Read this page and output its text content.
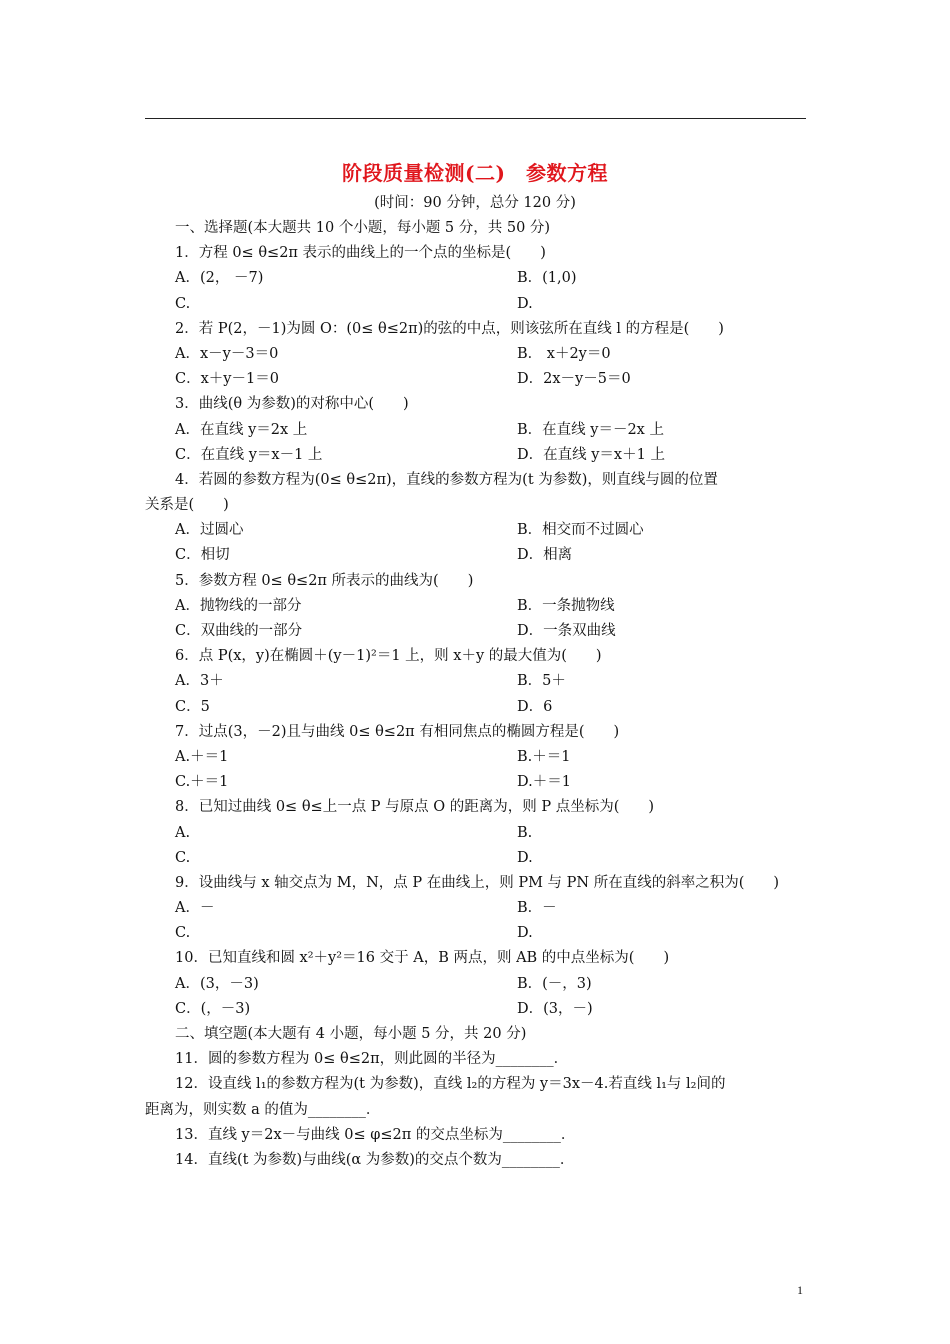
阶段质量检测(二)　参数方程
(时间：90 分钟，总分 120 分)
一、选择题(本大题共 10 个小题，每小题 5 分，共 50 分)
1．方程 0≤ θ≤2π 表示的曲线上的一个点的坐标是(　　)
A．(2， －7)	B．(1,0)
C.	D.
2．若 P(2，－1)为圆 O：(0≤ θ≤2π)的弦的中点，则该弦所在直线 l 的方程是(　　)
A．x－y－3＝0	B． x＋2y＝0
C．x＋y－1＝0	D．2x－y－5＝0
3．曲线(θ 为参数)的对称中心(　　)
A．在直线 y＝2x 上	B．在直线 y＝－2x 上
C．在直线 y＝x－1 上	D．在直线 y＝x＋1 上
4．若圆的参数方程为(0≤ θ≤2π)，直线的参数方程为(t 为参数)，则直线与圆的位置
关系是(　　)
A．过圆心	B．相交而不过圆心
C．相切	D．相离
5．参数方程 0≤ θ≤2π 所表示的曲线为(　　)
A．抛物线的一部分	B．一条抛物线
C．双曲线的一部分	D．一条双曲线
6．点 P(x，y)在椭圆＋(y－1)²＝1 上，则 x＋y 的最大值为(　　)
A．3＋	B．5＋
C．5	D．6
7．过点(3，－2)且与曲线 0≤ θ≤2π 有相同焦点的椭圆方程是(　　)
A.＋＝1	B.＋＝1
C.＋＝1	D.＋＝1
8．已知过曲线 0≤ θ≤上一点 P 与原点 O 的距离为，则 P 点坐标为(　　)
A.	B.
C.	D.
9．设曲线与 x 轴交点为 M，N，点 P 在曲线上，则 PM 与 PN 所在直线的斜率之积为(　　)
A．－	B．－
C.	D.
10．已知直线和圆 x²＋y²＝16 交于 A，B 两点，则 AB 的中点坐标为(　　)
A．(3，－3)	B．(－，3)
C．(，－3)	D．(3，－)
二、填空题(本大题有 4 小题，每小题 5 分，共 20 分)
11．圆的参数方程为 0≤ θ≤2π，则此圆的半径为________．
12．设直线 l₁的参数方程为(t 为参数)，直线 l₂的方程为 y＝3x－4.若直线 l₁与 l₂间的
距离为，则实数 a 的值为________．
13．直线 y＝2x－与曲线 0≤ φ≤2π 的交点坐标为________．
14．直线(t 为参数)与曲线(α 为参数)的交点个数为________．
1
